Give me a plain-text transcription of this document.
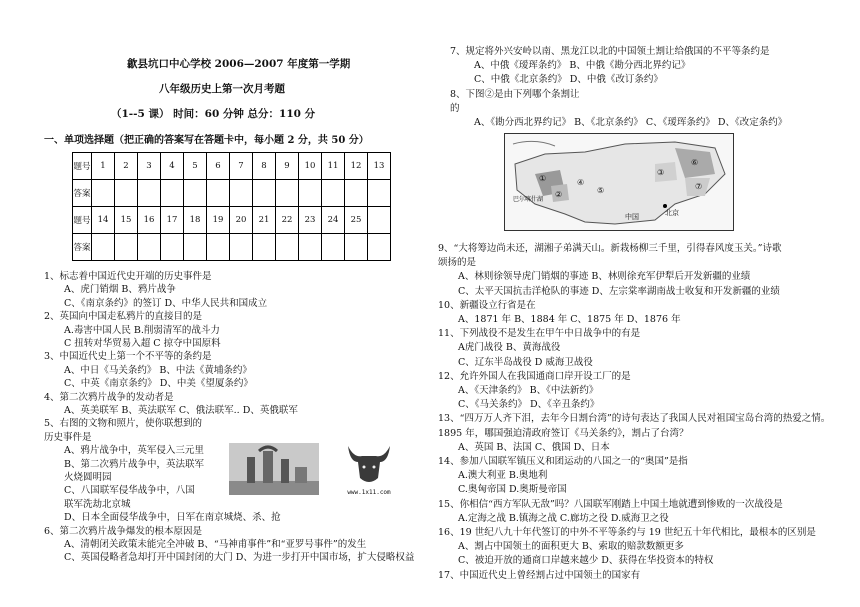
歙县坑口中心学校 2006—2007 年度第一学期
八年级历史上第一次月考题
（1--5 课） 时间：60 分钟 总分：110 分
一、单项选择题（把正确的答案写在答题卡中，每小题 2 分，共 50 分）
题号	1	2	3	4	5	6	7	8	9	10	11	12	13
答案													
题号	14	15	16	17	18	19	20	21	22	23	24	25	
答案													
1、标志着中国近代史开端的历史事件是
A、虎门销烟 B、鸦片战争
C、《南京条约》的签订 D、中华人民共和国成立
2、英国向中国走私鸦片的直接目的是
A.毒害中国人民 B.削弱清军的战斗力
C 扭转对华贸易入超 C 掠夺中国原料
3、中国近代史上第一个不平等的条约是
A、中日《马关条约》 B、中法《黄埔条约》
C、中英《南京条约》 D、中美《望厦条约》
4、第二次鸦片战争的发动者是
A、英美联军 B、英法联军 C、俄法联军.. D、英俄联军
5、右图的文物和照片，使你联想到的
历史事件是
A、鸦片战争中，英军侵入三元里
B、第二次鸦片战争中，英法联军
火烧圆明园
C、八国联军侵华战争中，八国
联军洗劫北京城
D、日本全面侵华战争中，日军在南京城烧、杀、抢
6、第二次鸦片战争爆发的根本原因是
A、清朝闭关政策未能完全冲破 B、“马神甫事件”和“亚罗号事件”的发生
C、英国侵略者急却打开中国封闭的大门 D、为进一步打开中国市场，扩大侵略权益
www.1x11.com
7、规定将外兴安岭以南、黑龙江以北的中国领土割让给俄国的不平等条约是
A、中俄《瑷珲条约》 B、中俄《勘分西北界约记》
C、中俄《北京条约》 D、中俄《改订条约》
8、下图②是由下列哪个条割让
的
A、《勘分西北界约记》 B、《北京条约》 C、《瑷珲条约》 D、《改定条约》
9、“大将筹边尚未还，湖湘子弟满天山。新栽杨柳三千里，引得春风度玉关。”诗歌
颂扬的是
A、林则徐领导虎门销烟的事迹 B、林则徐充军伊犁后开发新疆的业绩
C、太平天国抗击洋枪队的事迹 D、左宗棠率湖南战士收复和开发新疆的业绩
10、新疆设立行省是在
A、1871 年 B、1884 年 C、1875 年 D、1876 年
11、下列战役不是发生在甲午中日战争中的有是
A虎门战役 B、黄海战役
C、辽东半岛战役 D 威海卫战役
12、允许外国人在我国通商口岸开设工厂的是
A、《天津条约》 B、《中法新约》
C、《马关条约》 D、《辛丑条约》
13、“四万万人齐下泪，去年今日割台湾”的诗句表达了我国人民对祖国宝岛台湾的热爱之情。
1895 年，哪国强迫清政府签订《马关条约》，割占了台湾？
A、英国 B、法国 C、俄国 D、日本
14、参加八国联军镇压义和团运动的八国之一的“奥国”是指
A.澳大利亚 B.奥地利
C.奥匈帝国 D.奥斯曼帝国
15、你相信“西方军队无敌”吗？八国联军刚踏上中国土地就遭到惨败的一次战役是
A.定海之战 B.镇海之战 C.廊坊之役 D.威海卫之役
16、19 世纪八九十年代签订的中外不平等条约与 19 世纪五十年代相比，最根本的区别是
A、割占中国领土的面积更大 B、索取的赔款数额更多
C、被迫开放的通商口岸越来越少 D、获得在华投资本的特权
17、中国近代史上曾经割占过中国领土的国家有
①
②
③
④
⑤
⑥
⑦
北京
中国
巴尔喀什湖
